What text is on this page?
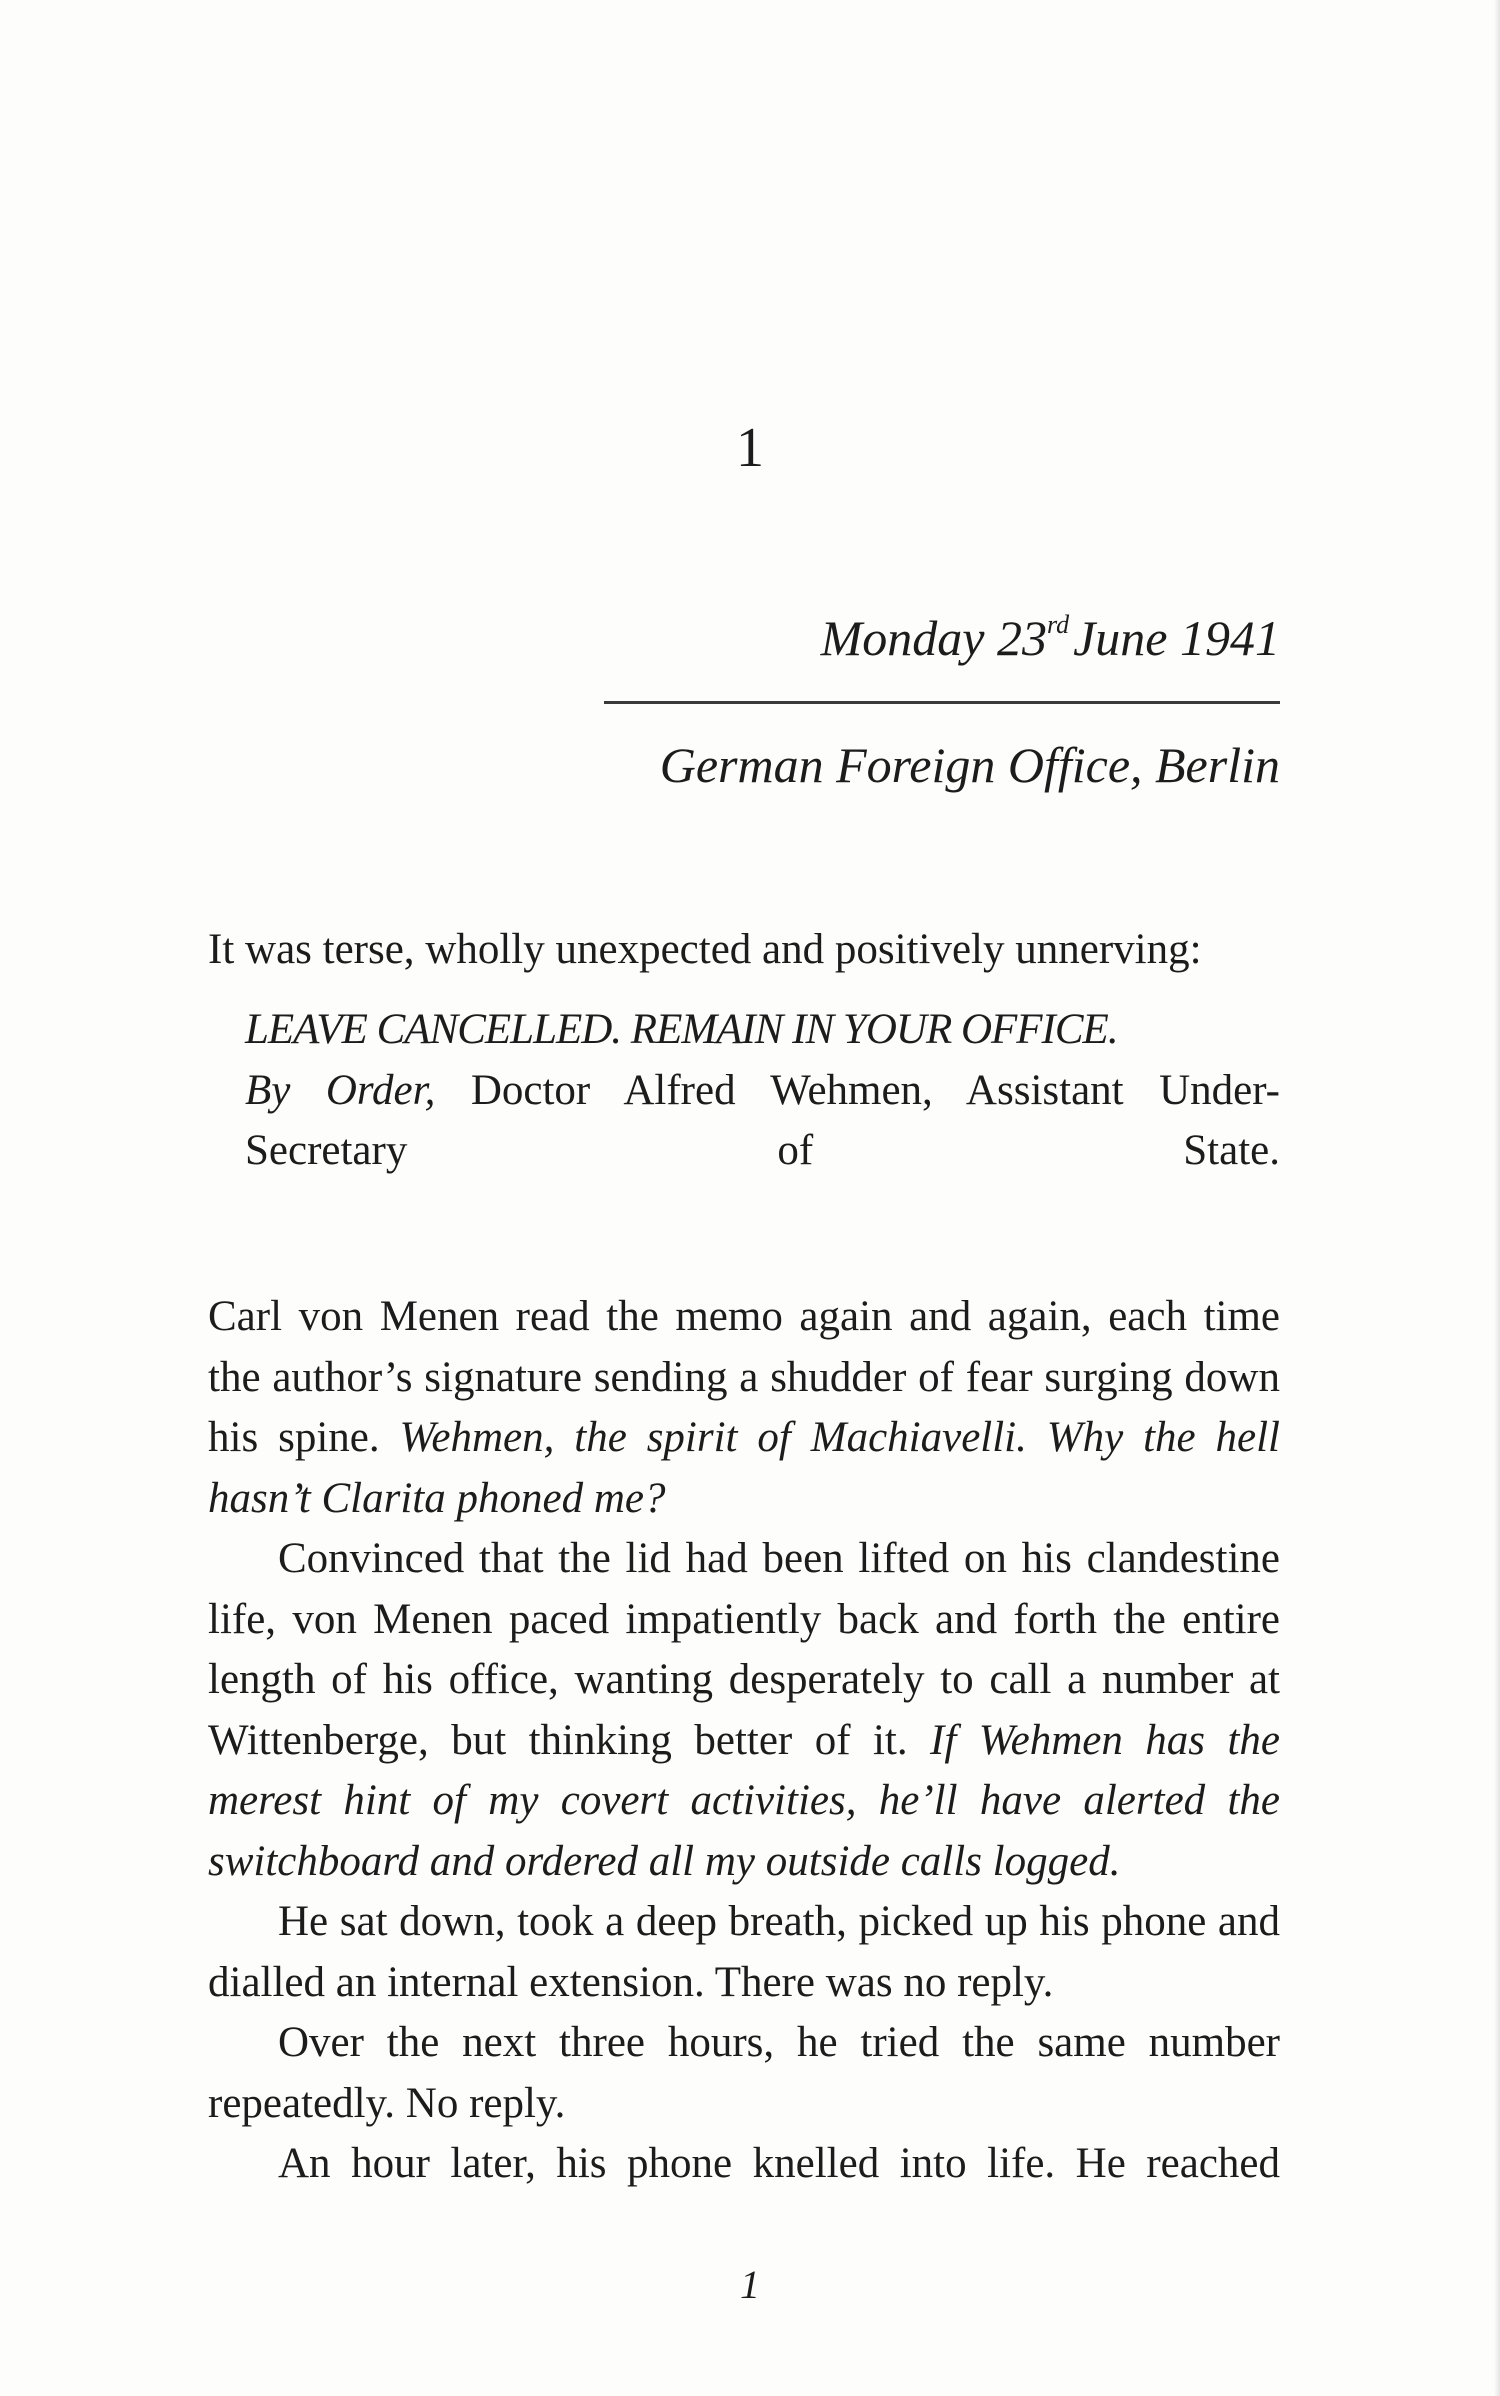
1
Monday 23rdJune 1941
German Foreign Office, Berlin

It was terse, wholly unexpected and positively unnerving:

LEAVE CANCELLED. REMAIN IN YOUR OFFICE.
By Order, Doctor Alfred Wehmen, Assistant Under-Secretary of State.

Carl von Menen read the memo again and again, each time the author’s signature sending a shudder of fear surging down his spine. Wehmen, the spirit of Machiavelli. Why the hell hasn’t Clarita phoned me?

Convinced that the lid had been lifted on his clandestine life, von Menen paced impatiently back and forth the entire length of his office, wanting desperately to call a number at Wittenberge, but thinking better of it. If Wehmen has the merest hint of my covert activities, he’ll have alerted the switchboard and ordered all my outside calls logged.

He sat down, took a deep breath, picked up his phone and dialled an internal extension. There was no reply.

Over the next three hours, he tried the same number repeatedly. No reply.

An hour later, his phone knelled into life. He reached

1
